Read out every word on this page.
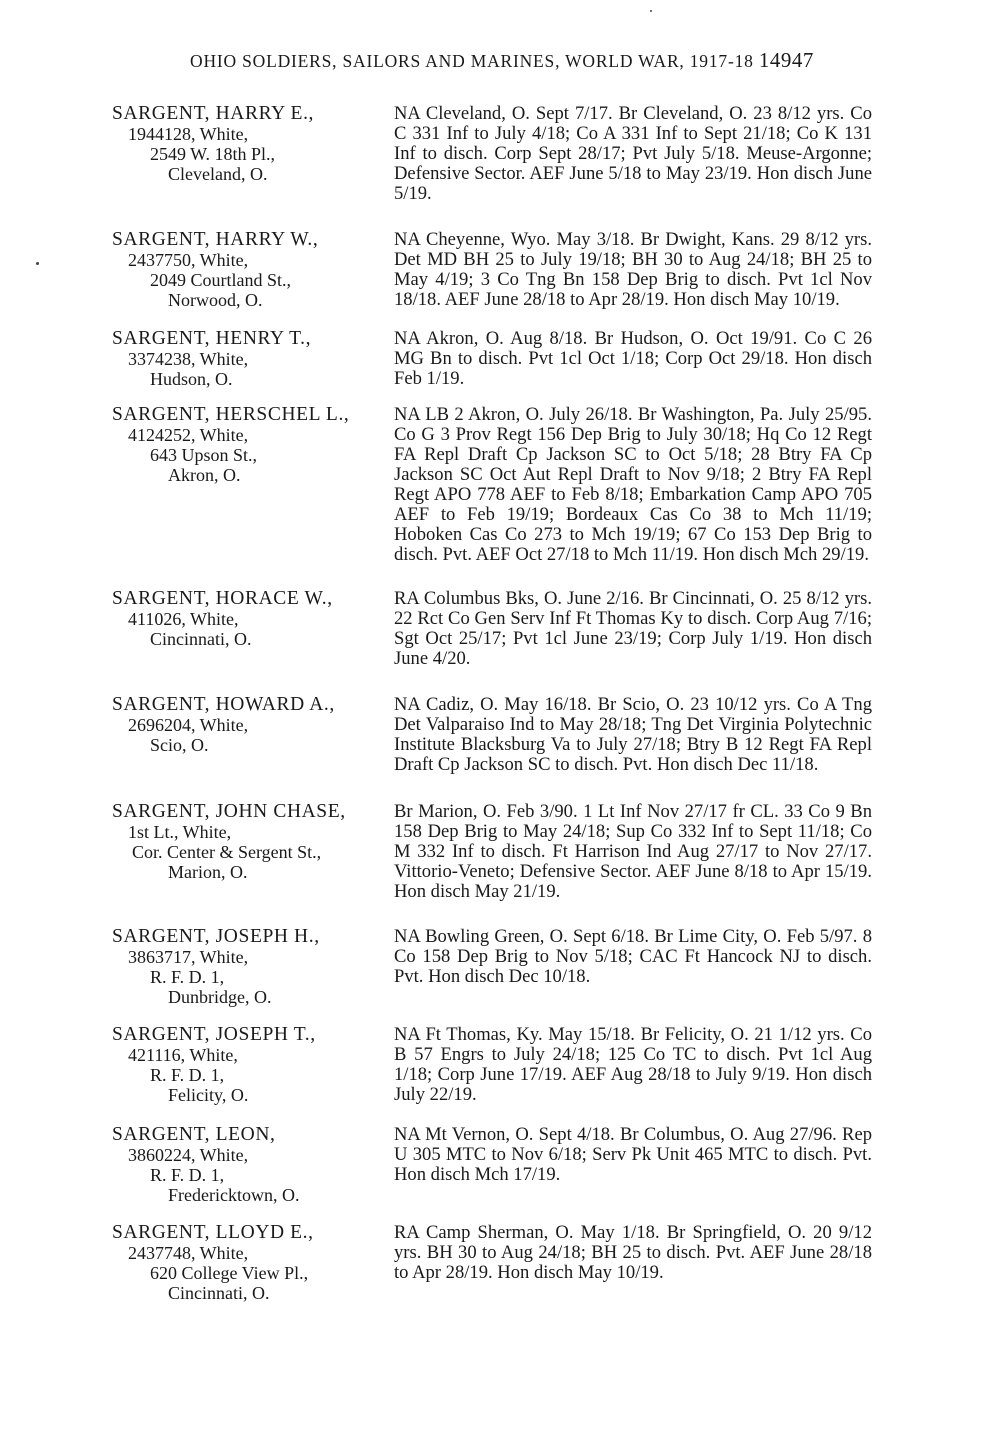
OHIO SOLDIERS, SAILORS AND MARINES, WORLD WAR, 1917-18 14947
SARGENT, HARRY E.,
1944128, White,
2549 W. 18th Pl.,
Cleveland, O.
NA Cleveland, O. Sept 7/17. Br Cleveland, O. 23 8/12 yrs. Co C 331 Inf to July 4/18; Co A 331 Inf to Sept 21/18; Co K 131 Inf to disch. Corp Sept 28/17; Pvt July 5/18. Meuse-Argonne; Defensive Sector. AEF June 5/18 to May 23/19. Hon disch June 5/19.
SARGENT, HARRY W.,
2437750, White,
2049 Courtland St.,
Norwood, O.
NA Cheyenne, Wyo. May 3/18. Br Dwight, Kans. 29 8/12 yrs. Det MD BH 25 to July 19/18; BH 30 to Aug 24/18; BH 25 to May 4/19; 3 Co Tng Bn 158 Dep Brig to disch. Pvt 1cl Nov 18/18. AEF June 28/18 to Apr 28/19. Hon disch May 10/19.
SARGENT, HENRY T.,
3374238, White,
Hudson, O.
NA Akron, O. Aug 8/18. Br Hudson, O. Oct 19/91. Co C 26 MG Bn to disch. Pvt 1cl Oct 1/18; Corp Oct 29/18. Hon disch Feb 1/19.
SARGENT, HERSCHEL L.,
4124252, White,
643 Upson St.,
Akron, O.
NA LB 2 Akron, O. July 26/18. Br Washington, Pa. July 25/95. Co G 3 Prov Regt 156 Dep Brig to July 30/18; Hq Co 12 Regt FA Repl Draft Cp Jackson SC to Oct 5/18; 28 Btry FA Cp Jackson SC Oct Aut Repl Draft to Nov 9/18; 2 Btry FA Repl Regt APO 778 AEF to Feb 8/18; Embarkation Camp APO 705 AEF to Feb 19/19; Bordeaux Cas Co 38 to Mch 11/19; Hoboken Cas Co 273 to Mch 19/19; 67 Co 153 Dep Brig to disch. Pvt. AEF Oct 27/18 to Mch 11/19. Hon disch Mch 29/19.
SARGENT, HORACE W.,
411026, White,
Cincinnati, O.
RA Columbus Bks, O. June 2/16. Br Cincinnati, O. 25 8/12 yrs. 22 Rct Co Gen Serv Inf Ft Thomas Ky to disch. Corp Aug 7/16; Sgt Oct 25/17; Pvt 1cl June 23/19; Corp July 1/19. Hon disch June 4/20.
SARGENT, HOWARD A.,
2696204, White,
Scio, O.
NA Cadiz, O. May 16/18. Br Scio, O. 23 10/12 yrs. Co A Tng Det Valparaiso Ind to May 28/18; Tng Det Virginia Polytechnic Institute Blacksburg Va to July 27/18; Btry B 12 Regt FA Repl Draft Cp Jackson SC to disch. Pvt. Hon disch Dec 11/18.
SARGENT, JOHN CHASE,
1st Lt., White,
Cor. Center & Sergent St.,
Marion, O.
Br Marion, O. Feb 3/90. 1 Lt Inf Nov 27/17 fr CL. 33 Co 9 Bn 158 Dep Brig to May 24/18; Sup Co 332 Inf to Sept 11/18; Co M 332 Inf to disch. Ft Harrison Ind Aug 27/17 to Nov 27/17. Vittorio-Veneto; Defensive Sector. AEF June 8/18 to Apr 15/19. Hon disch May 21/19.
SARGENT, JOSEPH H.,
3863717, White,
R. F. D. 1,
Dunbridge, O.
NA Bowling Green, O. Sept 6/18. Br Lime City, O. Feb 5/97. 8 Co 158 Dep Brig to Nov 5/18; CAC Ft Hancock NJ to disch. Pvt. Hon disch Dec 10/18.
SARGENT, JOSEPH T.,
421116, White,
R. F. D. 1,
Felicity, O.
NA Ft Thomas, Ky. May 15/18. Br Felicity, O. 21 1/12 yrs. Co B 57 Engrs to July 24/18; 125 Co TC to disch. Pvt 1cl Aug 1/18; Corp June 17/19. AEF Aug 28/18 to July 9/19. Hon disch July 22/19.
SARGENT, LEON,
3860224, White,
R. F. D. 1,
Fredericktown, O.
NA Mt Vernon, O. Sept 4/18. Br Columbus, O. Aug 27/96. Rep U 305 MTC to Nov 6/18; Serv Pk Unit 465 MTC to disch. Pvt. Hon disch Mch 17/19.
SARGENT, LLOYD E.,
2437748, White,
620 College View Pl.,
Cincinnati, O.
RA Camp Sherman, O. May 1/18. Br Springfield, O. 20 9/12 yrs. BH 30 to Aug 24/18; BH 25 to disch. Pvt. AEF June 28/18 to Apr 28/19. Hon disch May 10/19.
